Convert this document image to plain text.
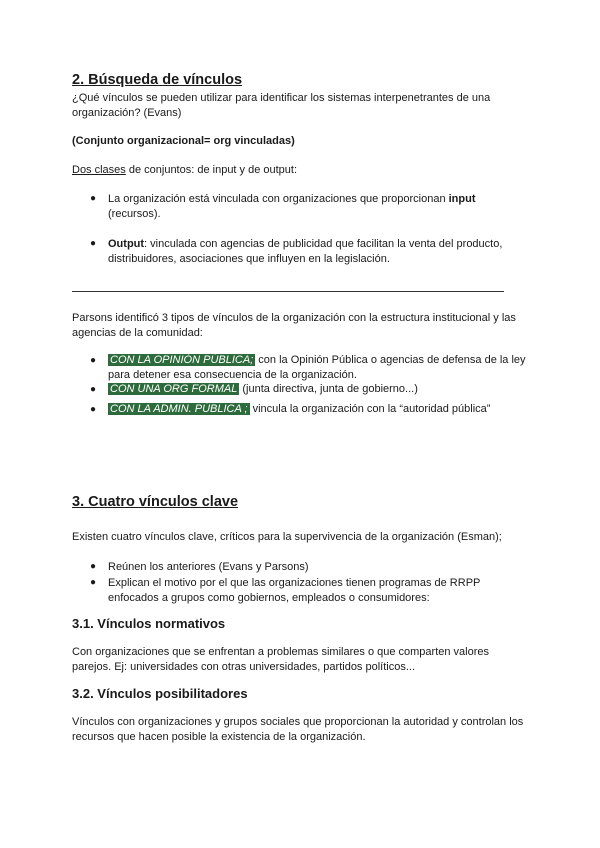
2. Búsqueda de vínculos
¿Qué vínculos se pueden utilizar para identificar los sistemas interpenetrantes de una
organización? (Evans)
(Conjunto organizacional= org vinculadas)
Dos clases de conjuntos: de input y de output:
● La organización está vinculada con organizaciones que proporcionan input
(recursos).
● Output: vinculada con agencias de publicidad que facilitan la venta del producto,
distribuidores, asociaciones que influyen en la legislación.
Parsons identificó 3 tipos de vínculos de la organización con la estructura institucional y las
agencias de la comunidad:
● CON LA OPINIÓN PÚBLICA; con la Opinión Pública o agencias de defensa de la ley
para detener esa consecuencia de la organización.
● CON UNA ORG FORMAL (junta directiva, junta de gobierno...)
● CON LA ADMIN. PÚBLICA ; vincula la organización con la “autoridad pública”
3. Cuatro vínculos clave
Existen cuatro vínculos clave, críticos para la supervivencia de la organización (Esman);
● Reúnen los anteriores (Evans y Parsons)
● Explican el motivo por el que las organizaciones tienen programas de RRPP
enfocados a grupos como gobiernos, empleados o consumidores:
3.1. Vínculos normativos
Con organizaciones que se enfrentan a problemas similares o que comparten valores
parejos. Ej: universidades con otras universidades, partidos políticos...
3.2. Vínculos posibilitadores
Vínculos con organizaciones y grupos sociales que proporcionan la autoridad y controlan los
recursos que hacen posible la existencia de la organización.
